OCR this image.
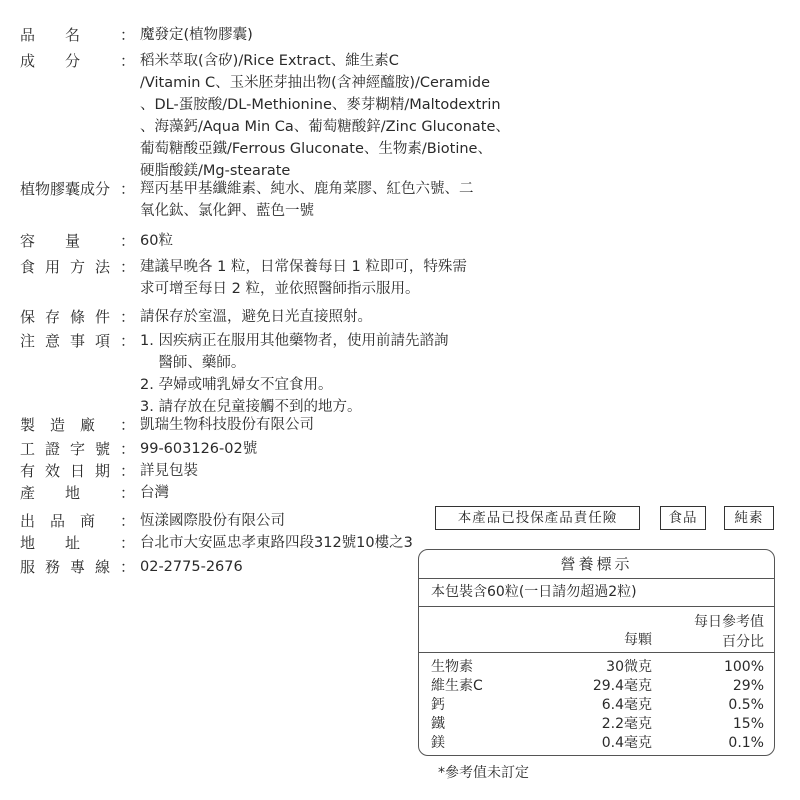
品　　名	： 魔發定(植物膠囊)
成　　分	： 稻米萃取(含矽)/Rice Extract、維生素C
/Vitamin C、玉米胚芽抽出物(含神經醯胺)/Ceramide
、DL-蛋胺酸/DL-Methionine、麥芽糊精/Maltodextrin
、海藻鈣/Aqua Min Ca、葡萄糖酸鋅/Zinc Gluconate、
葡萄糖酸亞鐵/Ferrous Gluconate、生物素/Biotine、
硬脂酸鎂/Mg-stearate
植物膠囊成分 ： 羥丙基甲基纖維素、純水、鹿角菜膠、紅色六號、二
氧化鈦、氯化鉀、藍色一號
容　　量	： 60粒
食用方法 ： 建議早晚各 1 粒，日常保養每日 1 粒即可，特殊需
求可增至每日 2 粒，並依照醫師指示服用。
保存條件 ： 請保存於室溫，避免日光直接照射。
注意事項 ： 1. 因疾病正在服用其他藥物者，使用前請先諮詢
醫師、藥師。
2. 孕婦或哺乳婦女不宜食用。
3. 請存放在兒童接觸不到的地方。
製　造　廠 ： 凱瑞生物科技股份有限公司
工證字號 ： 99-603126-02號
有效日期 ： 詳見包裝
產　　地	： 台灣
出　品　商 ： 恆漾國際股份有限公司
地　　址	： 台北市大安區忠孝東路四段312號10樓之3
服務專線 ： 02-2775-2676
本產品已投保產品責任險	食品	純素
營養標示
本包裝含60粒(一日請勿超過2粒)
每日參考值
百分比
每顆
生物素	30微克	100%
維生素C	29.4毫克	29%
鈣	6.4毫克	0.5%
鐵	2.2毫克	15%
鎂	0.4毫克	0.1%
*參考值未訂定
